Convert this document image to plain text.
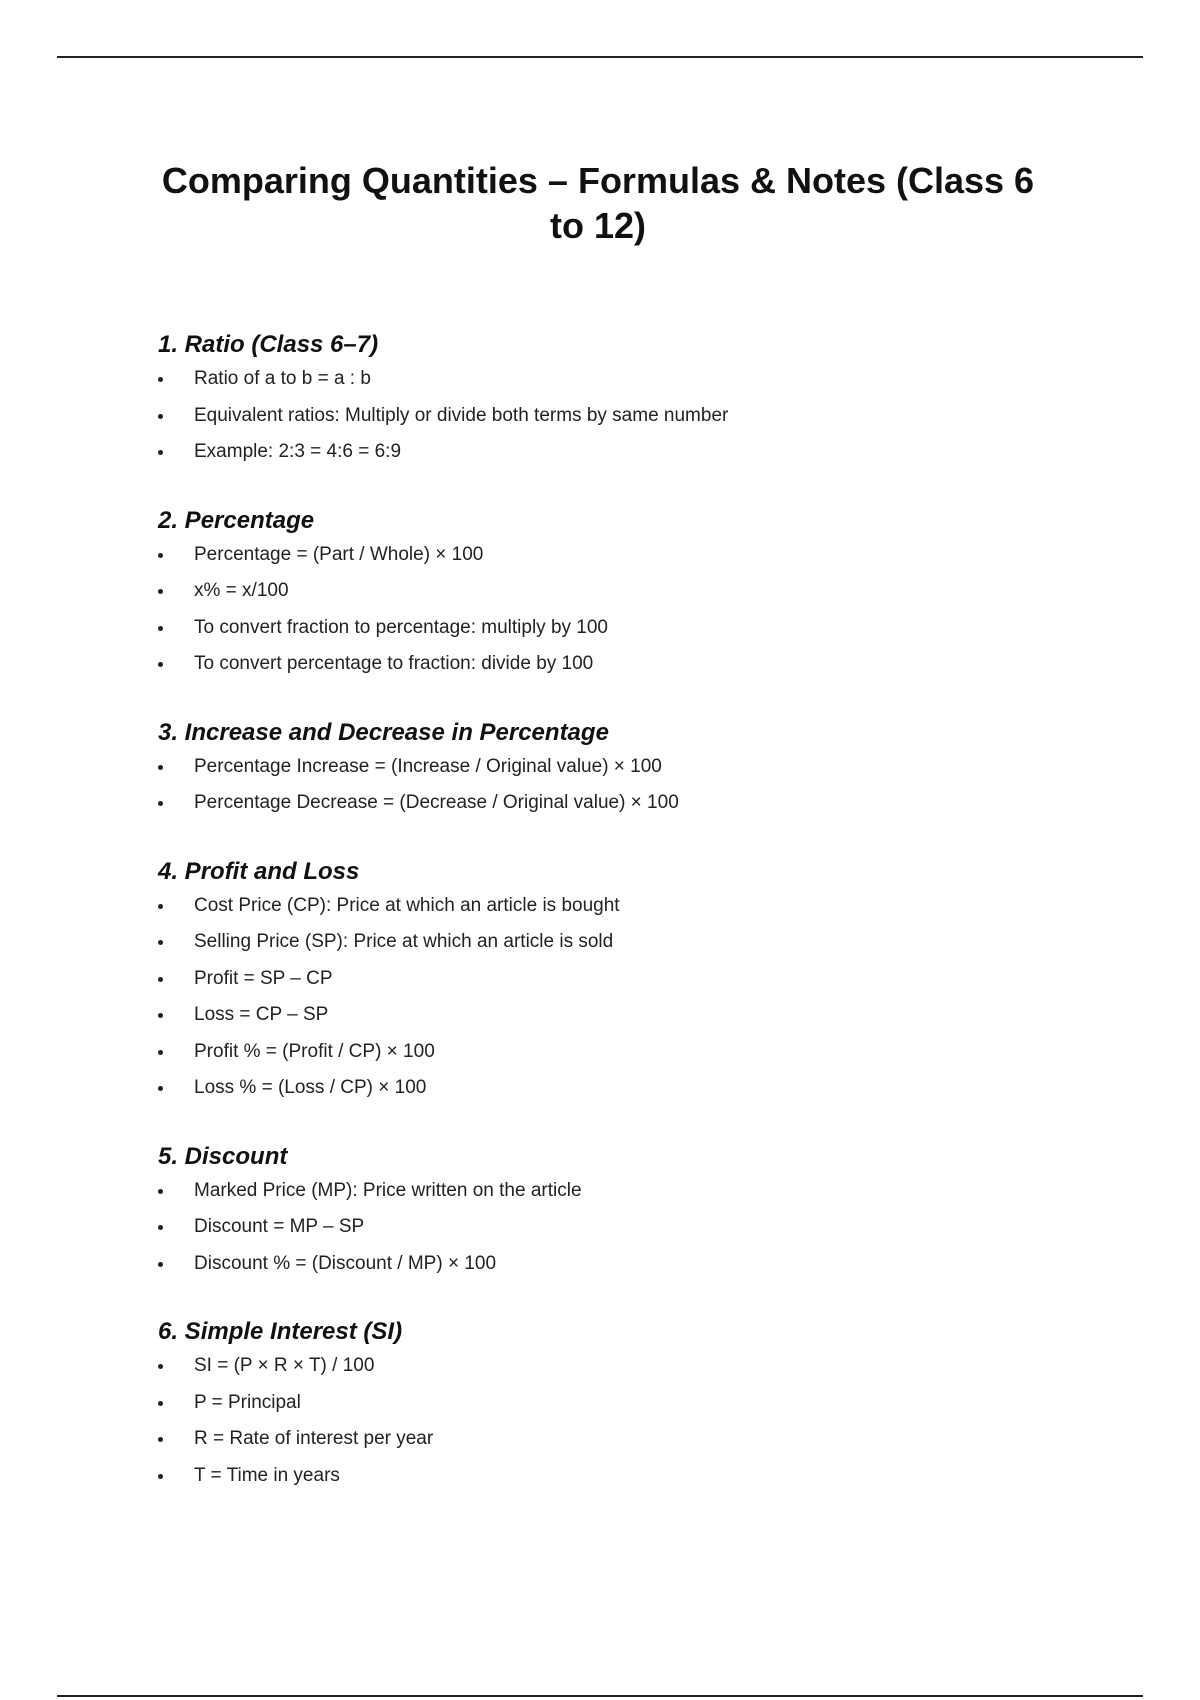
Comparing Quantities – Formulas & Notes (Class 6 to 12)
1. Ratio (Class 6–7)
Ratio of a to b = a : b
Equivalent ratios: Multiply or divide both terms by same number
Example: 2:3 = 4:6 = 6:9
2. Percentage
Percentage = (Part / Whole) × 100
x% = x/100
To convert fraction to percentage: multiply by 100
To convert percentage to fraction: divide by 100
3. Increase and Decrease in Percentage
Percentage Increase = (Increase / Original value) × 100
Percentage Decrease = (Decrease / Original value) × 100
4. Profit and Loss
Cost Price (CP): Price at which an article is bought
Selling Price (SP): Price at which an article is sold
Profit = SP – CP
Loss = CP – SP
Profit % = (Profit / CP) × 100
Loss % = (Loss / CP) × 100
5. Discount
Marked Price (MP): Price written on the article
Discount = MP – SP
Discount % = (Discount / MP) × 100
6. Simple Interest (SI)
SI = (P × R × T) / 100
P = Principal
R = Rate of interest per year
T = Time in years
